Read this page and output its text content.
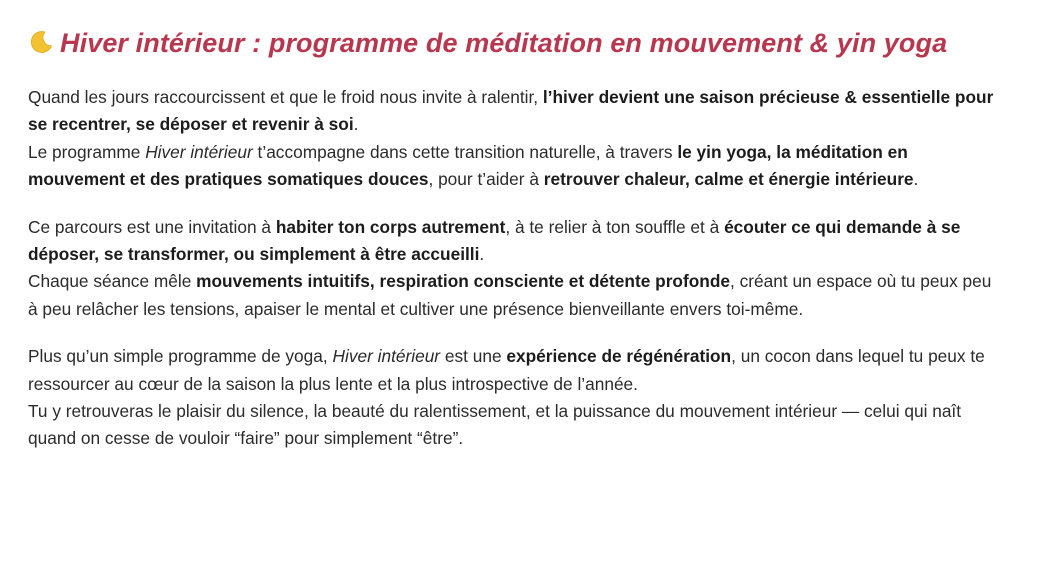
Hiver intérieur : programme de méditation en mouvement & yin yoga

Quand les jours raccourcissent et que le froid nous invite à ralentir, l’hiver devient une saison précieuse & essentielle pour se recentrer, se déposer et revenir à soi.
Le programme Hiver intérieur t’accompagne dans cette transition naturelle, à travers le yin yoga, la méditation en mouvement et des pratiques somatiques douces, pour t’aider à retrouver chaleur, calme et énergie intérieure.

Ce parcours est une invitation à habiter ton corps autrement, à te relier à ton souffle et à écouter ce qui demande à se déposer, se transformer, ou simplement à être accueilli.
Chaque séance mêle mouvements intuitifs, respiration consciente et détente profonde, créant un espace où tu peux peu à peu relâcher les tensions, apaiser le mental et cultiver une présence bienveillante envers toi-même.

Plus qu’un simple programme de yoga, Hiver intérieur est une expérience de régénération, un cocon dans lequel tu peux te ressourcer au cœur de la saison la plus lente et la plus introspective de l’année.
Tu y retrouveras le plaisir du silence, la beauté du ralentissement, et la puissance du mouvement intérieur — celui qui naît quand on cesse de vouloir “faire” pour simplement “être”.
